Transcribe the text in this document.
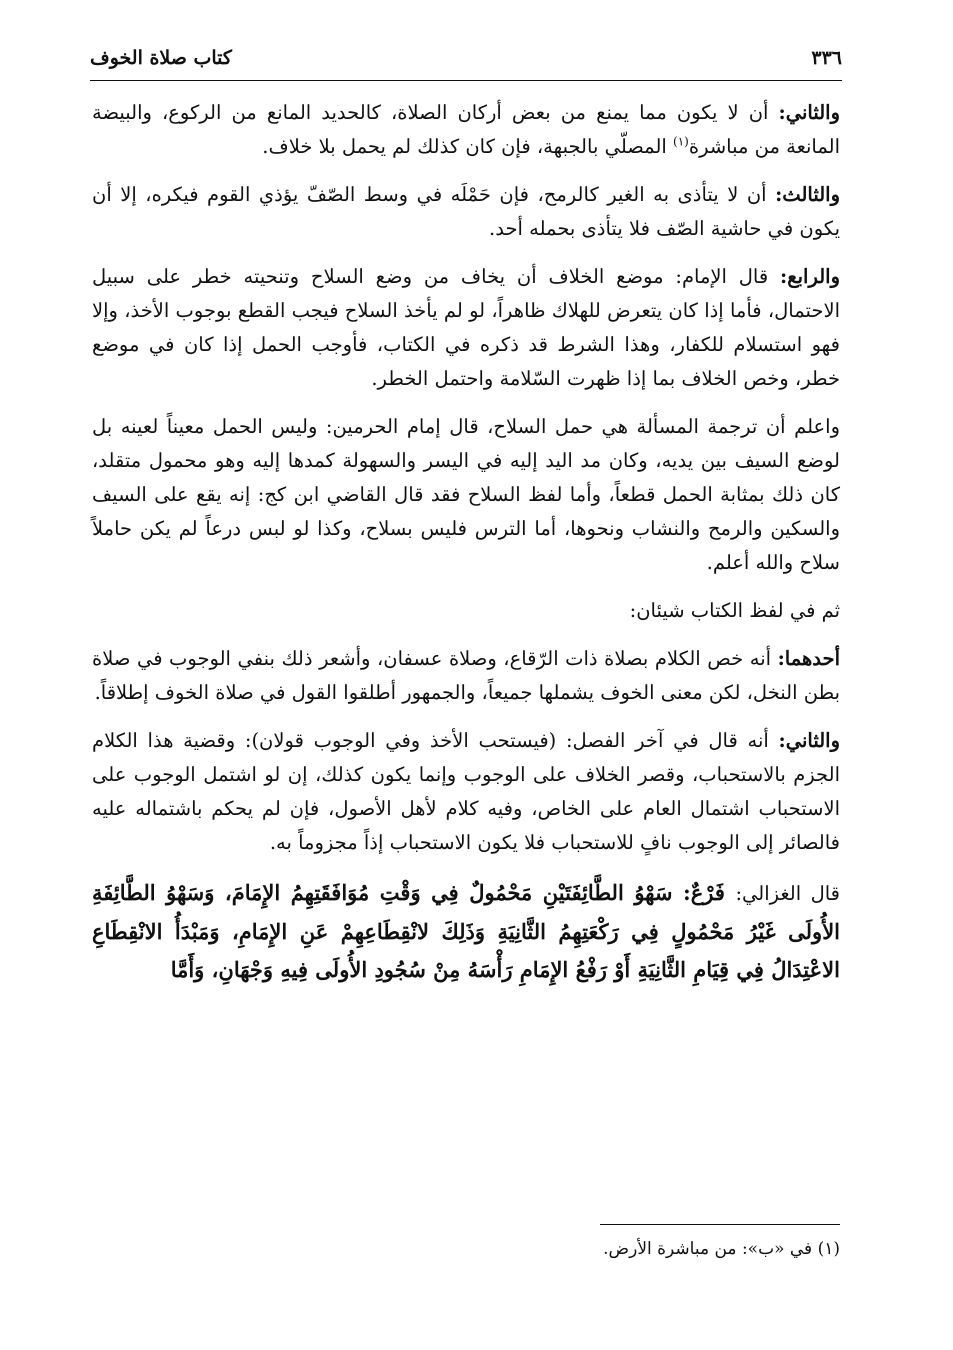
٣٣٦
كتاب صلاة الخوف

والثاني: أن لا يكون مما يمنع من بعض أركان الصلاة، كالحديد المانع من الركوع، والبيضة المانعة من مباشرة$^{(١)}$ المصلّي بالجبهة، فإن كان كذلك لم يحمل بلا خلاف.

والثالث: أن لا يتأذى به الغير كالرمح، فإن حَمْلَه في وسط الصّفّ يؤذي القوم فيكره، إلا أن يكون في حاشية الصّف فلا يتأذى بحمله أحد.

والرابع: قال الإمام: موضع الخلاف أن يخاف من وضع السلاح وتنحيته خطر على سبيل الاحتمال، فأما إذا كان يتعرض للهلاك ظاهراً، لو لم يأخذ السلاح فيجب القطع بوجوب الأخذ، وإلا فهو استسلام للكفار، وهذا الشرط قد ذكره في الكتاب، فأوجب الحمل إذا كان في موضع خطر، وخص الخلاف بما إذا ظهرت السّلامة واحتمل الخطر.

واعلم أن ترجمة المسألة هي حمل السلاح، قال إمام الحرمين: وليس الحمل معيناً لعينه بل لوضع السيف بين يديه، وكان مد اليد إليه في اليسر والسهولة كمدها إليه وهو محمول متقلد، كان ذلك بمثابة الحمل قطعاً، وأما لفظ السلاح فقد قال القاضي ابن كج: إنه يقع على السيف والسكين والرمح والنشاب ونحوها، أما الترس فليس بسلاح، وكذا لو لبس درعاً لم يكن حاملاً سلاح والله أعلم.

ثم في لفظ الكتاب شيئان:

أحدهما: أنه خص الكلام بصلاة ذات الرّقاع، وصلاة عسفان، وأشعر ذلك بنفي الوجوب في صلاة بطن النخل، لكن معنى الخوف يشملها جميعاً، والجمهور أطلقوا القول في صلاة الخوف إطلاقاً.

والثاني: أنه قال في آخر الفصل: (فيستحب الأخذ وفي الوجوب قولان): وقضية هذا الكلام الجزم بالاستحباب، وقصر الخلاف على الوجوب وإنما يكون كذلك، إن لو اشتمل الوجوب على الاستحباب اشتمال العام على الخاص، وفيه كلام لأهل الأصول، فإن لم يحكم باشتماله عليه فالصائر إلى الوجوب نافٍ للاستحباب فلا يكون الاستحباب إذاً مجزوماً به.

قال الغزالي: فَرْعٌ: سَهْوُ الطَّائِفَتَيْنِ مَحْمُولٌ فِي وَقْتِ مُوَافَقَتِهِمُ الإِمَامَ، وَسَهْوُ الطَّائِفَةِ الأُولَى غَيْرُ مَحْمُولٍ فِي رَكْعَتِهِمُ الثَّانِيَةِ وَذَلِكَ لانْقِطَاعِهِمْ عَنِ الإِمَامِ، وَمَبْدَأُ الانْقِطَاعِ الاعْتِدَالُ فِي قِيَامِ الثَّانِيَةِ أَوْ رَفْعُ الإِمَامِ رَأْسَهُ مِنْ سُجُودِ الأُولَى فِيهِ وَجْهَانِ، وَأَمَّا

(١) في «ب»: من مباشرة الأرض.
